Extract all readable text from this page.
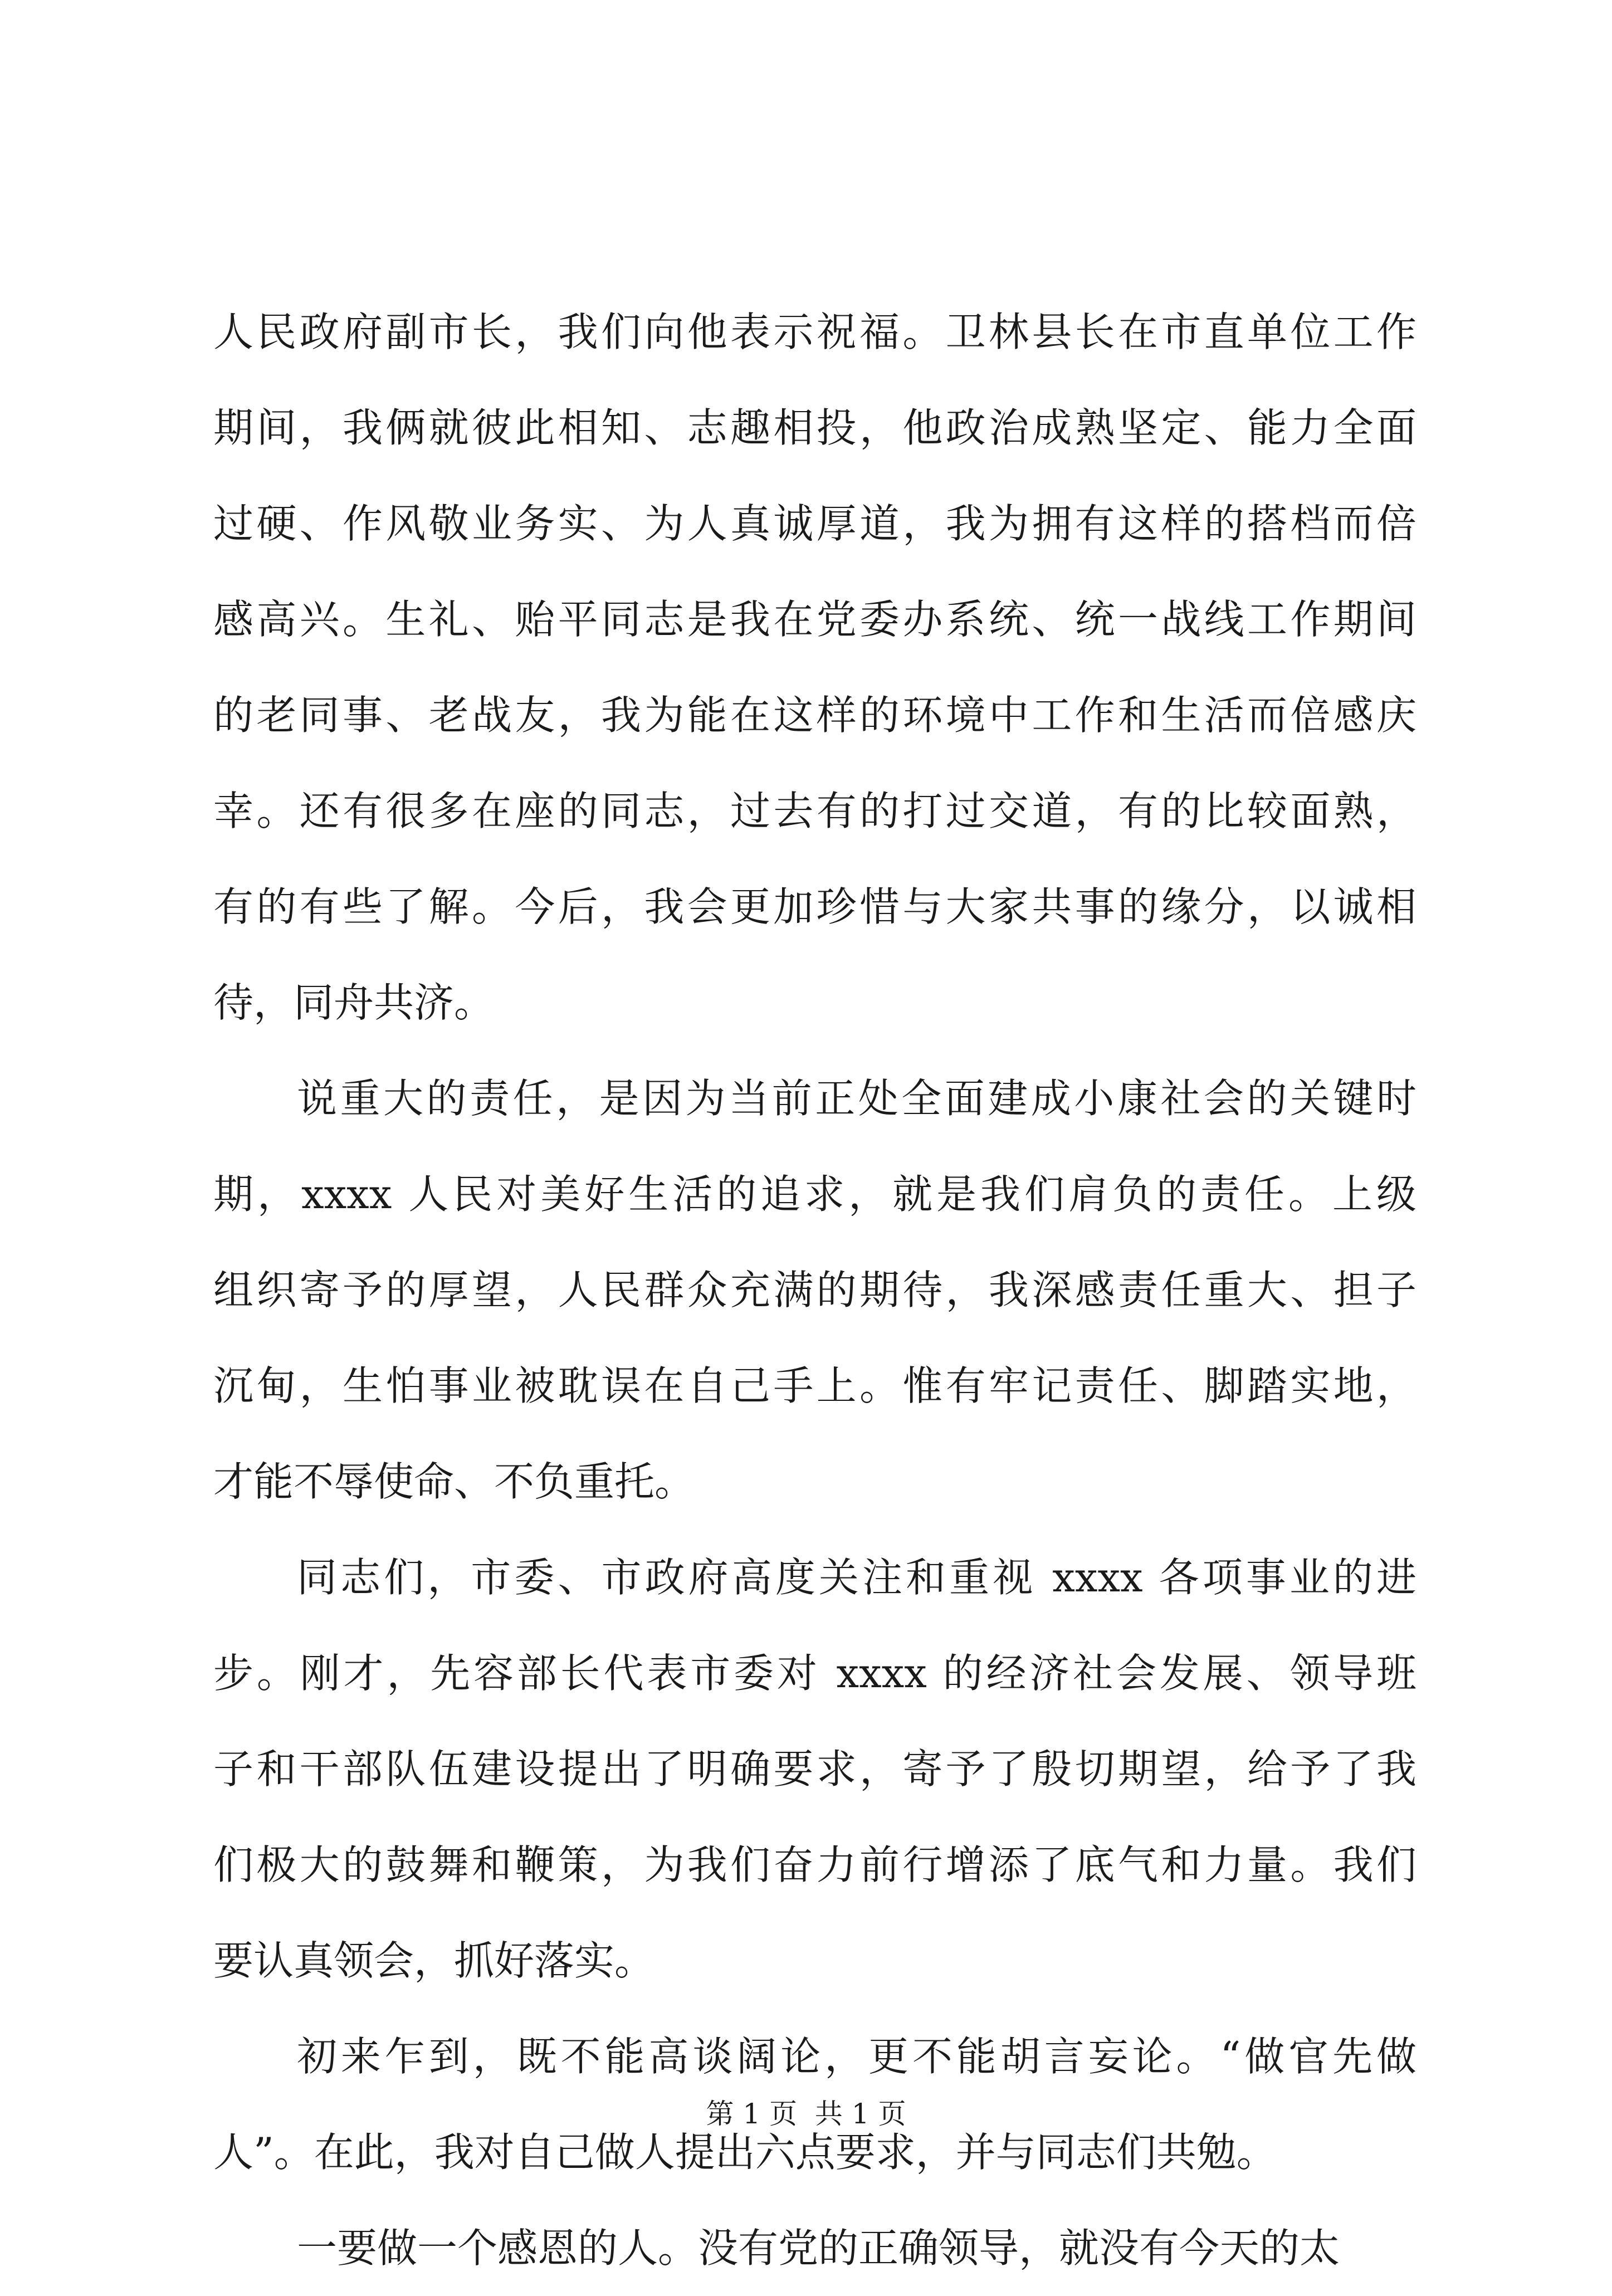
人民政府副市长，我们向他表示祝福。卫林县长在市直单位工作
期间，我俩就彼此相知、志趣相投，他政治成熟坚定、能力全面
过硬、作风敬业务实、为人真诚厚道，我为拥有这样的搭档而倍
感高兴。生礼、贻平同志是我在党委办系统、统一战线工作期间
的老同事、老战友，我为能在这样的环境中工作和生活而倍感庆
幸。还有很多在座的同志，过去有的打过交道，有的比较面熟，
有的有些了解。今后，我会更加珍惜与大家共事的缘分，以诚相
待，同舟共济。
说重大的责任，是因为当前正处全面建成小康社会的关键时
期，xxxx 人民对美好生活的追求，就是我们肩负的责任。上级
组织寄予的厚望，人民群众充满的期待，我深感责任重大、担子
沉甸，生怕事业被耽误在自己手上。惟有牢记责任、脚踏实地，
才能不辱使命、不负重托。
同志们，市委、市政府高度关注和重视 xxxx 各项事业的进
步。刚才，先容部长代表市委对 xxxx 的经济社会发展、领导班
子和干部队伍建设提出了明确要求，寄予了殷切期望，给予了我
们极大的鼓舞和鞭策，为我们奋力前行增添了底气和力量。我们
要认真领会，抓好落实。
初来乍到，既不能高谈阔论，更不能胡言妄论。“做官先做
人”。在此，我对自己做人提出六点要求，并与同志们共勉。
一要做一个感恩的人。没有党的正确领导，就没有今天的太
第 1 页  共 1 页
